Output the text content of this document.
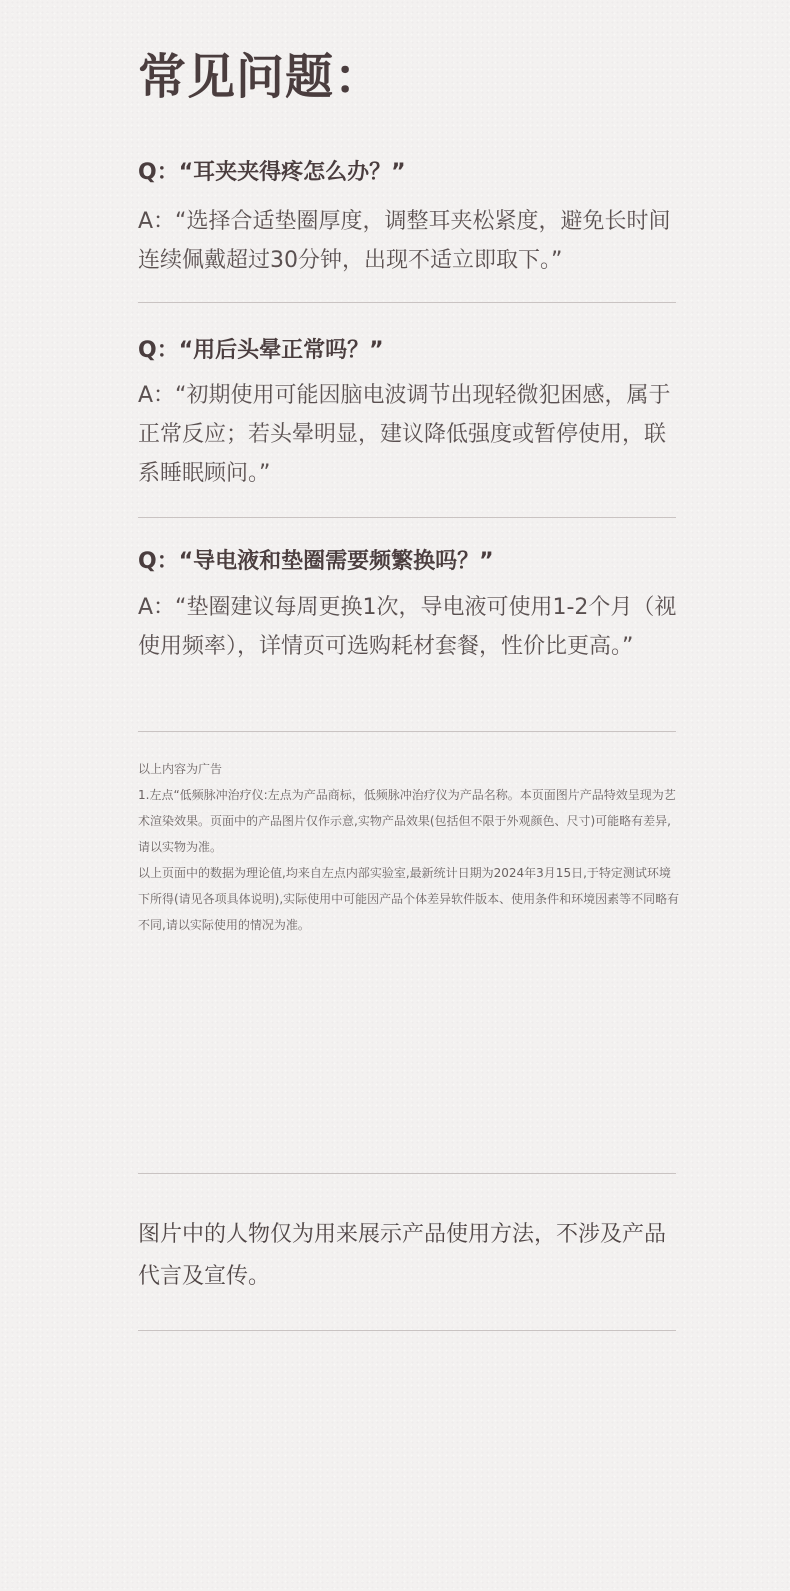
常见问题：
Q：“耳夹夹得疼怎么办？”
A：“选择合适垫圈厚度，调整耳夹松紧度，避免长时间连续佩戴超过30分钟，出现不适立即取下。”
Q：“用后头晕正常吗？”
A：“初期使用可能因脑电波调节出现轻微犯困感，属于正常反应；若头晕明显，建议降低强度或暂停使用，联系睡眠顾问。”
Q：“导电液和垫圈需要频繁换吗？”
A：“垫圈建议每周更换1次，导电液可使用1-2个月（视使用频率），详情页可选购耗材套餐，性价比更高。”

以上内容为广告

1.左点“低频脉冲治疗仪:左点为产品商标，低频脉冲治疗仪为产品名称。本页面图片产品特效呈现为艺术渲染效果。页面中的产品图片仅作示意,实物产品效果(包括但不限于外观颜色、尺寸)可能略有差异,请以实物为准。

以上页面中的数据为理论值,均来自左点内部实验室,最新统计日期为2024年3月15日,于特定测试环境下所得(请见各项具体说明),实际使用中可能因产品个体差异软件版本、使用条件和环境因素等不同略有不同,请以实际使用的情况为准。

图片中的人物仅为用来展示产品使用方法，不涉及产品代言及宣传。
